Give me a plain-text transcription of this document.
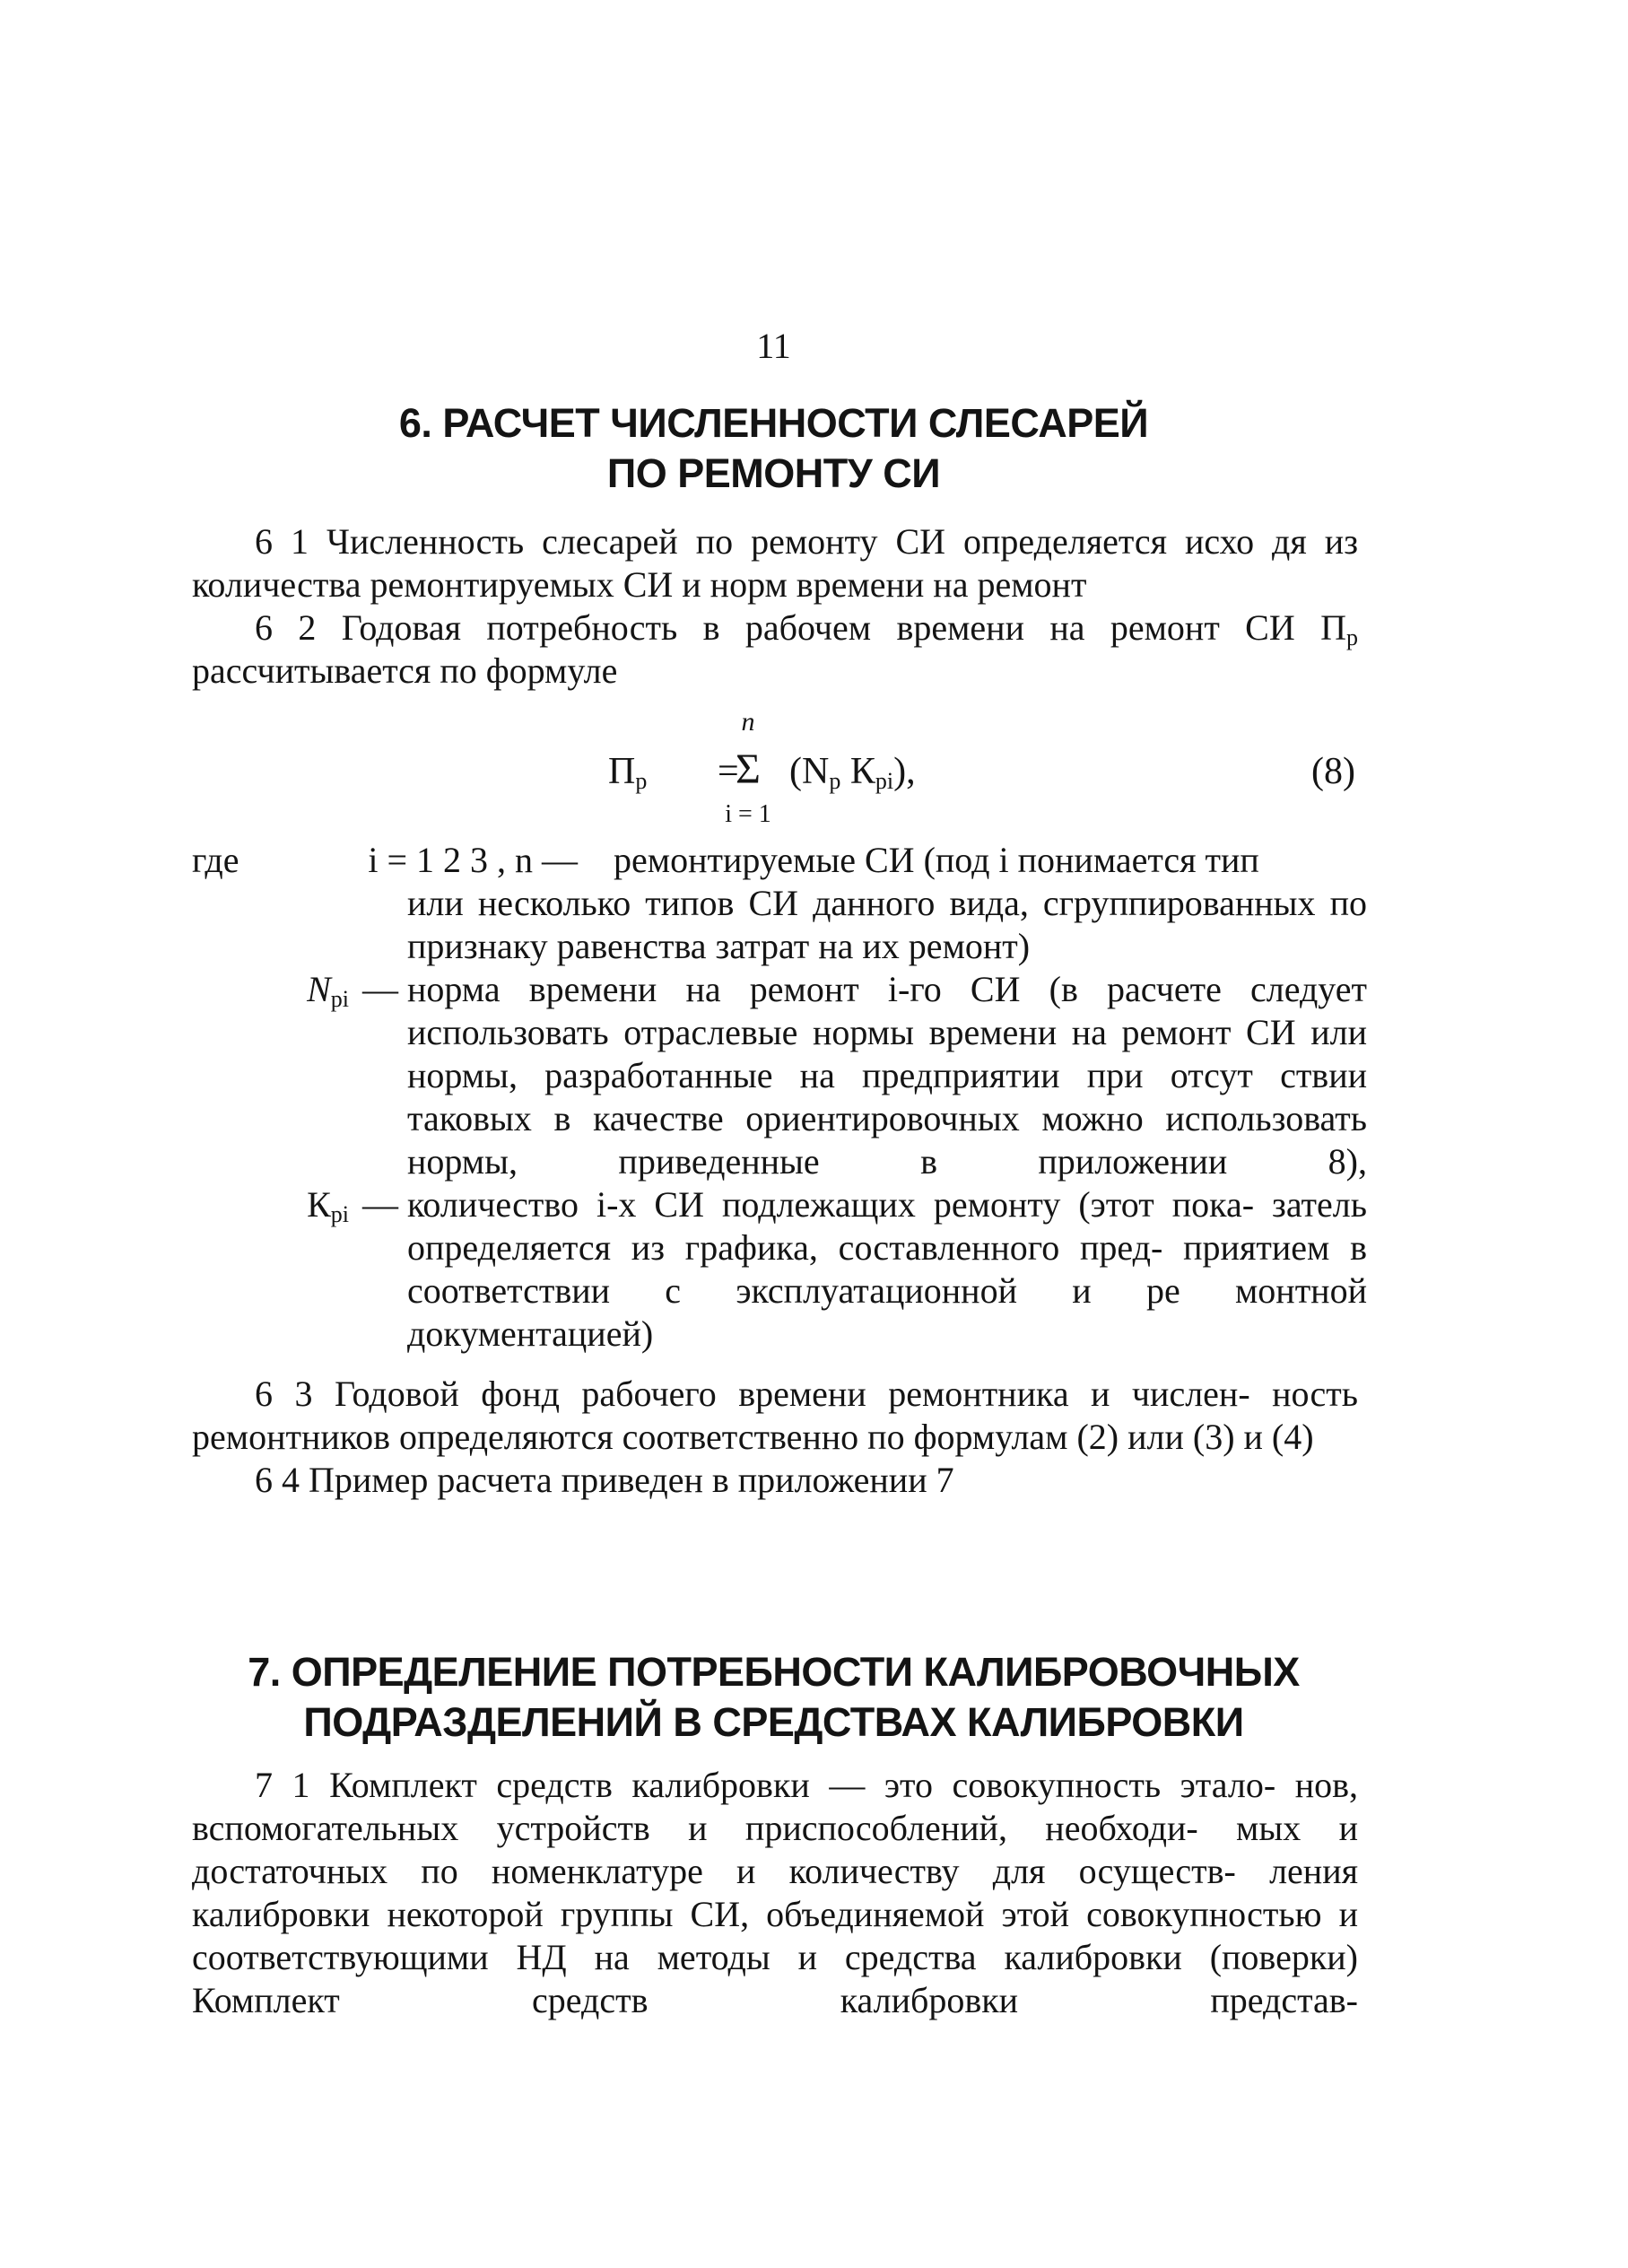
11
6. РАСЧЕТ ЧИСЛЕННОСТИ СЛЕСАРЕЙ
ПО РЕМОНТУ СИ

6 1 Численность слесарей по ремонту СИ определяется исхо дя из количества ремонтируемых СИ и норм времени на ремонт

6 2 Годовая потребность в рабочем времени на ремонт СИ $П_р$ рассчитывается по формуле

$П_р$ =
n
Σ
i = 1
($N_р$ $К_{рi}$),	(8)
где	i = 1 2 3 , n — ремонтируемые СИ (под i понимается тип
или несколько типов СИ данного вида, сгруппированных по признаку равенства затрат на их ремонт)
$N_{рi}$ — норма времени на ремонт i-го СИ (в расчете следует использовать отраслевые нормы времени на ремонт СИ или нормы, разработанные на предприятии при отсут ствии таковых в качестве ориентировочных можно использовать нормы, приведенные в приложении 8),
$К_{рi}$ — количество i-х СИ подлежащих ремонту (этот пока- затель определяется из графика, составленного пред- приятием в соответствии с эксплуатационной и ре монтной документацией)

6 3 Годовой фонд рабочего времени ремонтника и числен- ность ремонтников определяются соответственно по формулам (2) или (3) и (4)

6 4 Пример расчета приведен в приложении 7

7. ОПРЕДЕЛЕНИЕ ПОТРЕБНОСТИ КАЛИБРОВОЧНЫХ
ПОДРАЗДЕЛЕНИЙ В СРЕДСТВАХ КАЛИБРОВКИ

7 1 Комплект средств калибровки — это совокупность этало- нов, вспомогательных устройств и приспособлений, необходи- мых и достаточных по номенклатуре и количеству для осуществ- ления калибровки некоторой группы СИ, объединяемой этой совокупностью и соответствующими НД на методы и средства калибровки (поверки) Комплект средств калибровки представ-
